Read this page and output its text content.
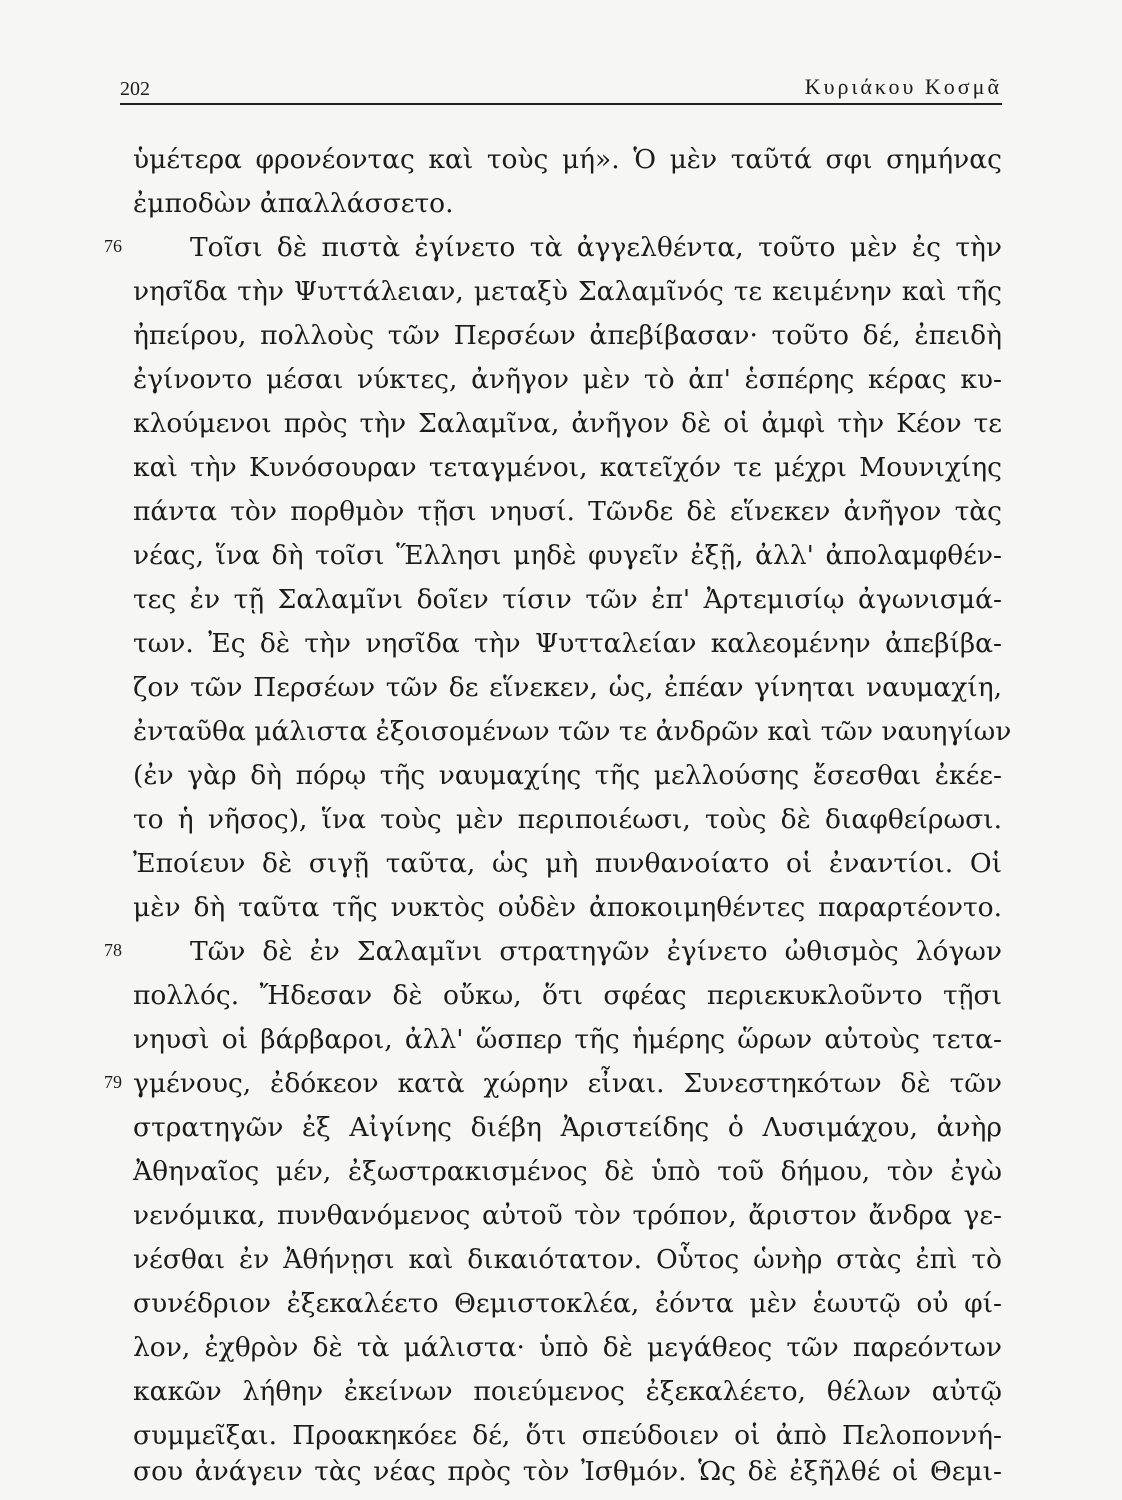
202	Κυριάκου Κοσμᾶ
ὑμέτερα φρονέοντας καὶ τοὺς μή». Ὁ μὲν ταῦτά σφι σημήνας
ἐμποδὼν ἀπαλλάσσετο.
76	Τοῖσι δὲ πιστὰ ἐγίνετο τὰ ἀγγελθέντα, τοῦτο μὲν ἐς τὴν
νησῖδα τὴν Ψυττάλειαν, μεταξὺ Σαλαμῖνός τε κειμένην καὶ τῆς
ἠπείρου, πολλοὺς τῶν Περσέων ἀπεβίβασαν· τοῦτο δέ, ἐπειδὴ
ἐγίνοντο μέσαι νύκτες, ἀνῆγον μὲν τὸ ἀπ' ἑσπέρης κέρας κυ-
κλούμενοι πρὸς τὴν Σαλαμῖνα, ἀνῆγον δὲ οἱ ἀμφὶ τὴν Κέον τε
καὶ τὴν Κυνόσουραν τεταγμένοι, κατεῖχόν τε μέχρι Μουνιχίης
πάντα τὸν πορθμὸν τῇσι νηυσί. Τῶνδε δὲ εἵνεκεν ἀνῆγον τὰς
νέας, ἵνα δὴ τοῖσι Ἕλλησι μηδὲ φυγεῖν ἐξῇ, ἀλλ' ἀπολαμφθέν-
τες ἐν τῇ Σαλαμῖνι δοῖεν τίσιν τῶν ἐπ' Ἀρτεμισίῳ ἀγωνισμά-
των. Ἐς δὲ τὴν νησῖδα τὴν Ψυτταλείαν καλεομένην ἀπεβίβα-
ζον τῶν Περσέων τῶν δε εἵνεκεν, ὡς, ἐπέαν γίνηται ναυμαχίη,
ἐνταῦθα μάλιστα ἐξοισομένων τῶν τε ἀνδρῶν καὶ τῶν ναυηγίων
(ἐν γὰρ δὴ πόρῳ τῆς ναυμαχίης τῆς μελλούσης ἔσεσθαι ἐκέε-
το ἡ νῆσος), ἵνα τοὺς μὲν περιποιέωσι, τοὺς δὲ διαφθείρωσι.
Ἐποίευν δὲ σιγῇ ταῦτα, ὡς μὴ πυνθανοίατο οἱ ἐναντίοι. Οἱ
μὲν δὴ ταῦτα τῆς νυκτὸς οὐδὲν ἀποκοιμηθέντες παραρτέοντο.
78	Τῶν δὲ ἐν Σαλαμῖνι στρατηγῶν ἐγίνετο ὠθισμὸς λόγων
πολλός. Ἤδεσαν δὲ οὔκω, ὅτι σφέας περιεκυκλοῦντο τῇσι
νηυσὶ οἱ βάρβαροι, ἀλλ' ὥσπερ τῆς ἡμέρης ὥρων αὐτοὺς τετα-
79 γμένους, ἐδόκεον κατὰ χώρην εἶναι. Συνεστηκότων δὲ τῶν
στρατηγῶν ἐξ Αἰγίνης διέβη Ἀριστείδης ὁ Λυσιμάχου, ἀνὴρ
Ἀθηναῖος μέν, ἐξωστρακισμένος δὲ ὑπὸ τοῦ δήμου, τὸν ἐγὼ
νενόμικα, πυνθανόμενος αὐτοῦ τὸν τρόπον, ἄριστον ἄνδρα γε-
νέσθαι ἐν Ἀθήνῃσι καὶ δικαιότατον. Οὗτος ὡνὴρ στὰς ἐπὶ τὸ
συνέδριον ἐξεκαλέετο Θεμιστοκλέα, ἐόντα μὲν ἑωυτῷ οὐ φί-
λον, ἐχθρὸν δὲ τὰ μάλιστα· ὑπὸ δὲ μεγάθεος τῶν παρεόντων
κακῶν λήθην ἐκείνων ποιεύμενος ἐξεκαλέετο, θέλων αὐτῷ
συμμεῖξαι. Προακηκόεε δέ, ὅτι σπεύδοιεν οἱ ἀπὸ Πελοποννή-
σου ἀνάγειν τὰς νέας πρὸς τὸν Ἰσθμόν. Ὡς δὲ ἐξῆλθέ οἱ Θεμι-
